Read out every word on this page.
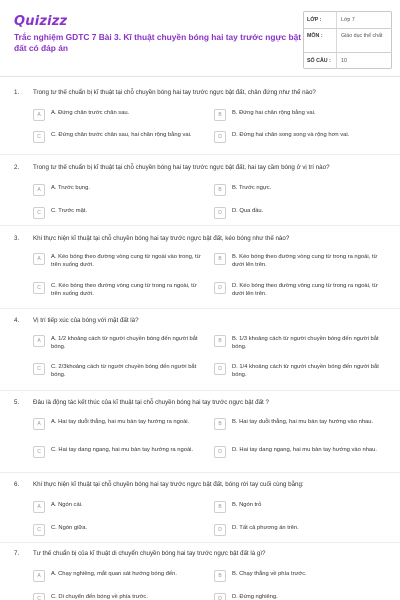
Quizizz
Trắc nghiệm GDTC 7 Bài 3. Kĩ thuật chuyền bóng hai tay trước ngực bật đất có đáp án
LỚP :	Lớp 7
MÔN :	Giáo dục thể chất
SỐ CÂU : 10
1. Trong tư thế chuẩn bị kĩ thuật tại chỗ chuyền bóng hai tay trước ngực bật đất, chân đứng như thế nào?
A	A. Đứng chân trước chân sau.	B	B. Đứng hai chân rộng bằng vai.
C	C. Đứng chân trước chân sau, hai chân rộng bằng vai.	D	D. Đứng hai chân song song và rộng hơn vai.
2. Trong tư thế chuẩn bị kĩ thuật tại chỗ chuyền bóng hai tay trước ngực bật đất, hai tay cầm bóng ở vị trí nào?
A	A. Trước bụng.	B	B. Trước ngực.
C	C. Trước mặt.	D	D. Qua đầu.
3. Khi thực hiện kĩ thuật tại chỗ chuyền bóng hai tay trước ngực bật đất, kéo bóng như thế nào?
A	A. Kéo bóng theo đường vòng cung từ ngoài vào trong, từ trên xuống dưới.
B	B. Kéo bóng theo đường vòng cung từ trong ra ngoài, từ dưới lên trên.
C	C. Kéo bóng theo đường vòng cung từ trong ra ngoài, từ trên xuống dưới.
D	D. Kéo bóng theo đường vòng cung từ trong ra ngoài, từ dưới lên trên.
4. Vị trí tiếp xúc của bóng với mặt đất là?
A	A. 1/2 khoảng cách từ người chuyền bóng đến người bắt bóng.
B	B. 1/3 khoảng cách từ người chuyền bóng đến người bắt bóng.
C	C. 2/3khoảng cách từ người chuyền bóng đến người bắt bóng.
D	D. 1/4 khoảng cách từ người chuyền bóng đến người bắt bóng.
5. Đâu là động tác kết thúc của kĩ thuật tại chỗ chuyền bóng hai tay trước ngực bật đất ?
A	A. Hai tay duỗi thẳng, hai mu bàn tay hướng ra ngoài.	B	B. Hai tay duỗi thẳng, hai mu bàn tay hướng vào nhau.
C	C. Hai tay dang ngang, hai mu bàn tay hướng ra ngoài.	D	D. Hai tay dang ngang, hai mu bàn tay hướng vào nhau.
6. Khi thực hiện kĩ thuật tại chỗ chuyền bóng hai tay trước ngực bật đất, bóng rời tay cuối cùng bằng:
A	A. Ngón cái.	B	B. Ngón trỏ
C	C. Ngón giữa.	D	D. Tất cả phương án trên.
7. Tư thế chuẩn bị của kĩ thuật di chuyển chuyền bóng hai tay trước ngực bật đất là gì?
A	A. Chạy nghiêng, mắt quan sát hướng bóng đến.	B	B. Chạy thẳng về phía trước.
C	C. Di chuyển đến bóng về phía trước.	D	D. Đứng nghiêng.
